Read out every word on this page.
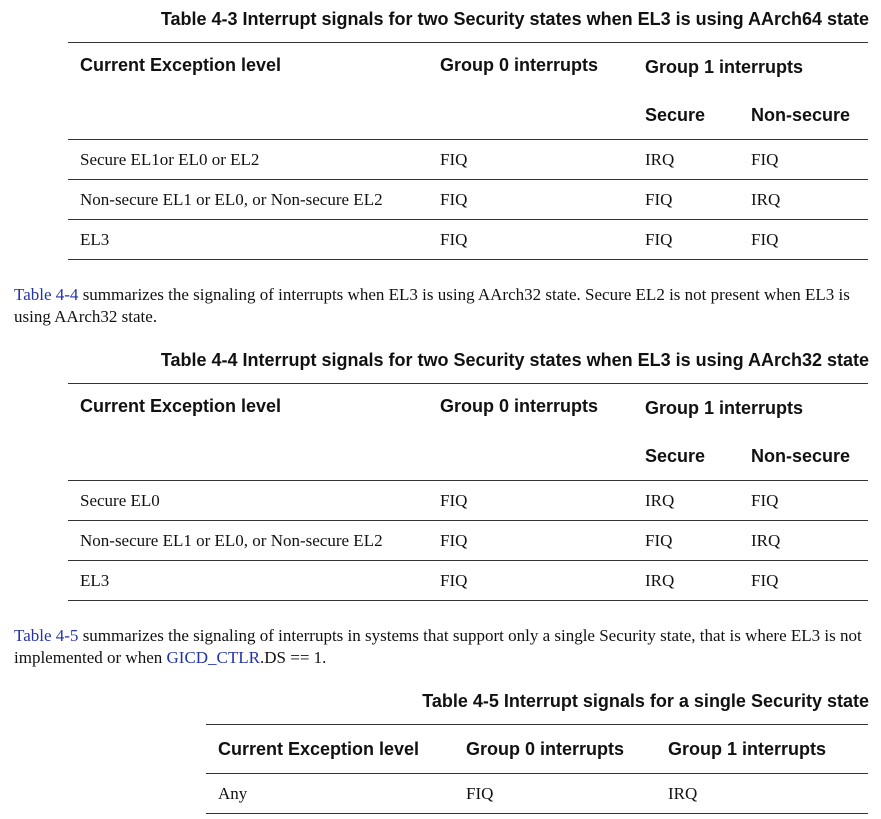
Table 4-3 Interrupt signals for two Security states when EL3 is using AArch64 state
Current Exception level	Group 0 interrupts	Group 1 interrupts	
		Secure	Non-secure
Secure EL1or EL0 or EL2	FIQ	IRQ	FIQ
Non-secure EL1 or EL0, or Non-secure EL2	FIQ	FIQ	IRQ
EL3	FIQ	FIQ	FIQ

Table 4-4 summarizes the signaling of interrupts when EL3 is using AArch32 state. Secure EL2 is not present when EL3 is using AArch32 state.

Table 4-4 Interrupt signals for two Security states when EL3 is using AArch32 state
Current Exception level	Group 0 interrupts	Group 1 interrupts	
		Secure	Non-secure
Secure EL0	FIQ	IRQ	FIQ
Non-secure EL1 or EL0, or Non-secure EL2	FIQ	FIQ	IRQ
EL3	FIQ	IRQ	FIQ

Table 4-5 summarizes the signaling of interrupts in systems that support only a single Security state, that is where EL3 is not implemented or when GICD_CTLR.DS == 1.

Table 4-5 Interrupt signals for a single Security state
Current Exception level	Group 0 interrupts	Group 1 interrupts
Any	FIQ	IRQ
